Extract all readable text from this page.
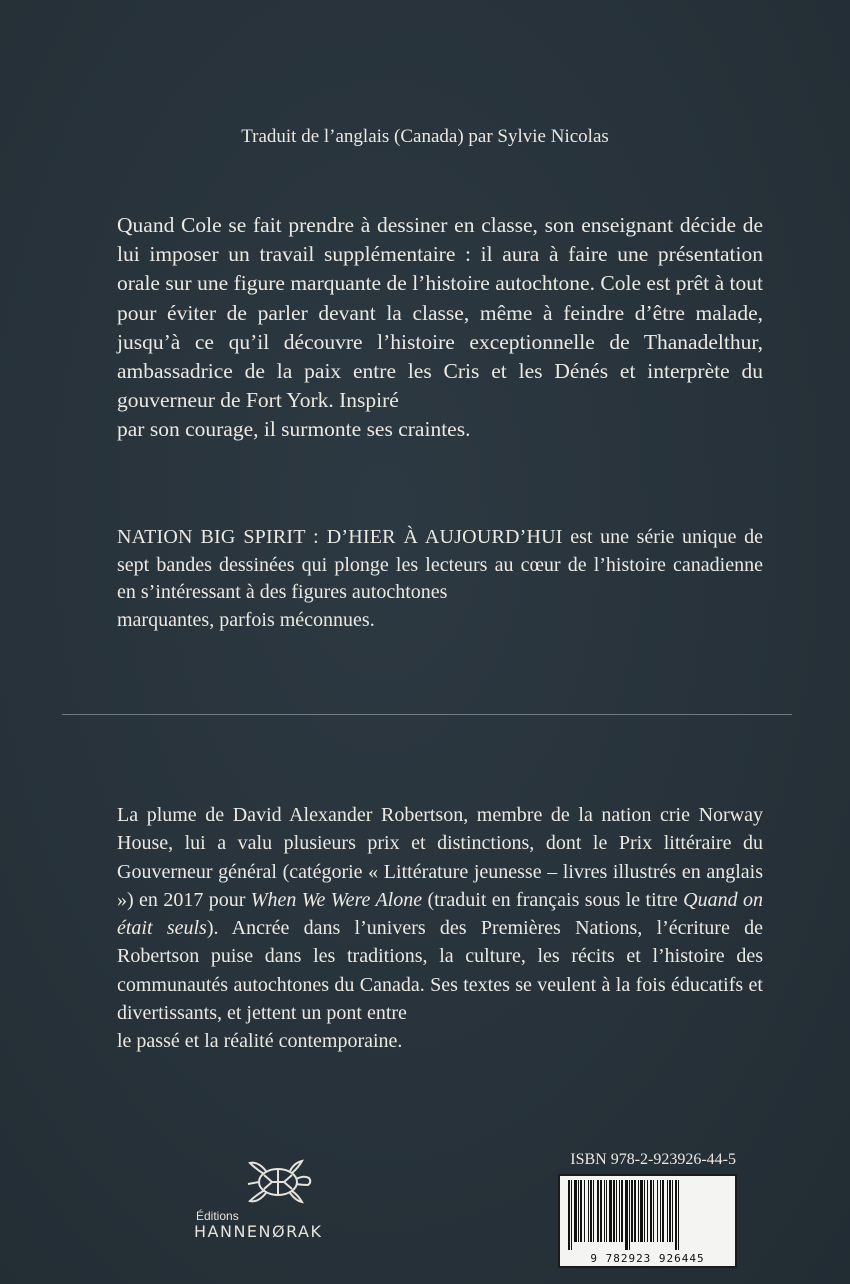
Traduit de l’anglais (Canada) par Sylvie Nicolas
Quand Cole se fait prendre à dessiner en classe, son enseignant décide de lui imposer un travail supplémentaire : il aura à faire une présentation orale sur une figure marquante de l’histoire autochtone. Cole est prêt à tout pour éviter de parler devant la classe, même à feindre d’être malade, jusqu’à ce qu’il découvre l’histoire exceptionnelle de Thanadelthur, ambassadrice de la paix entre les Cris et les Dénés et interprète du gouverneur de Fort York. Inspiré
par son courage, il surmonte ses craintes.
NATION BIG SPIRIT : D’HIER À AUJOURD’HUI est une série unique de sept bandes dessinées qui plonge les lecteurs au cœur de l’histoire canadienne en s’intéressant à des figures autochtones
marquantes, parfois méconnues.
La plume de David Alexander Robertson, membre de la nation crie Norway House, lui a valu plusieurs prix et distinctions, dont le Prix littéraire du Gouverneur général (catégorie « Littérature jeunesse – livres illustrés en anglais ») en 2017 pour When We Were Alone (traduit en français sous le titre Quand on était seuls). Ancrée dans l’univers des Premières Nations, l’écriture de Robertson puise dans les traditions, la culture, les récits et l’histoire des communautés autochtones du Canada. Ses textes se veulent à la fois éducatifs et divertissants, et jettent un pont entre
le passé et la réalité contemporaine.
Éditions
HANNENØRAK
ISBN 978-2-923926-44-5
9 782923 926445
